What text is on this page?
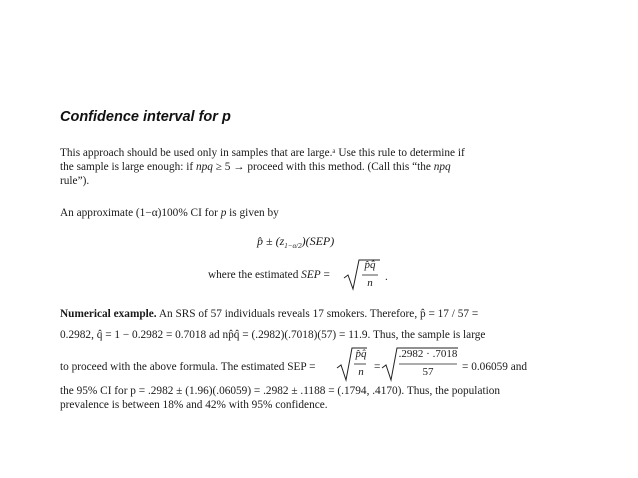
Confidence interval for p
This approach should be used only in samples that are large.ᵃ Use this rule to determine if
the sample is large enough: if npq ≥ 5 → proceed with this method. (Call this “the npq
rule”).
An approximate (1−α)100% CI for p is given by
p̂ ± $(z_{1-\alpha/2})(SEP)$
where the estimated SEP =
p̂q̂
n	.
Numerical example. An SRS of 57 individuals reveals 17 smokers. Therefore, p̂ = 17 / 57 =
0.2982, q̂ = 1 − 0.2982 = 0.7018 ad np̂q̂ = (.2982)(.7018)(57) = 11.9. Thus, the sample is large
to proceed with the above formula. The estimated SEP =
p̂q̂
n =
.2982 · .7018
57	= 0.06059 and
the 95% CI for p = .2982 ± (1.96)(.06059) = .2982 ± .1188 = (.1794, .4170). Thus, the population
prevalence is between 18% and 42% with 95% confidence.
